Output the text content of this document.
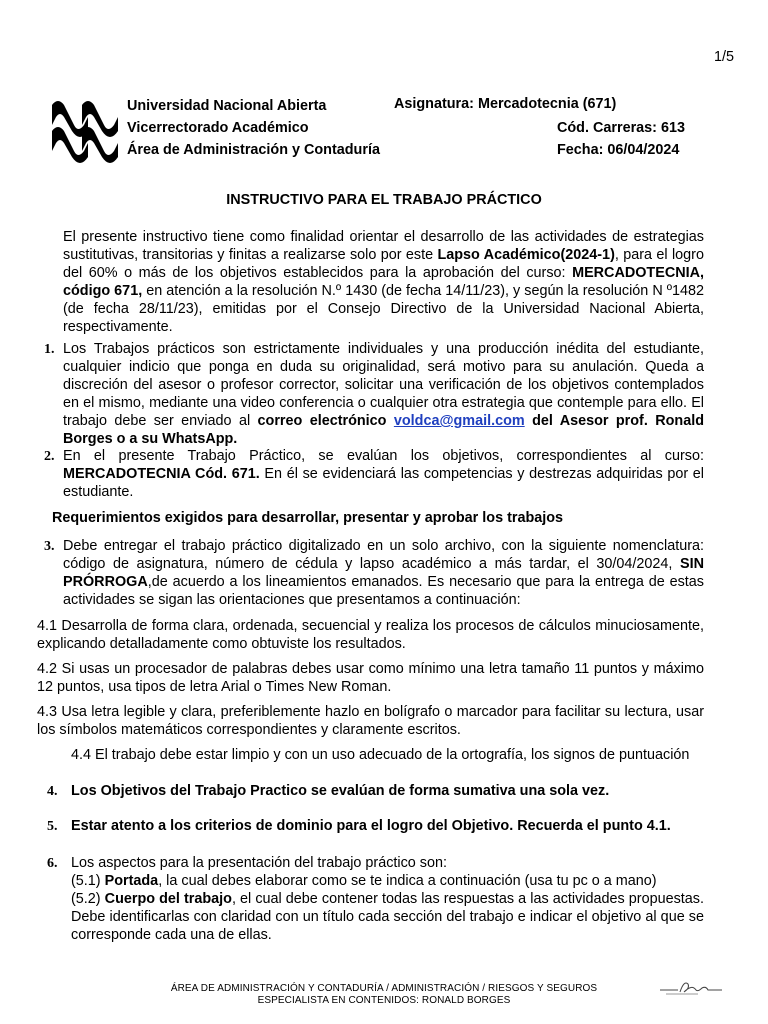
1/5
Universidad Nacional Abierta
Vicerrectorado Académico
Área de Administración y Contaduría
Asignatura: Mercadotecnia (671)
Cód. Carreras: 613
Fecha: 06/04/2024
INSTRUCTIVO PARA EL TRABAJO PRÁCTICO
El presente instructivo tiene como finalidad orientar el desarrollo de las actividades de estrategias sustitutivas, transitorias y finitas a realizarse solo por este Lapso Académico(2024-1), para el logro del 60% o más de los objetivos establecidos para la aprobación del curso: MERCADOTECNIA, código 671, en atención a la resolución N.º 1430 (de fecha 14/11/23), y según la resolución N º1482 (de fecha 28/11/23), emitidas por el Consejo Directivo de la Universidad Nacional Abierta, respectivamente.
1. Los Trabajos prácticos son estrictamente individuales y una producción inédita del estudiante, cualquier indicio que ponga en duda su originalidad, será motivo para su anulación. Queda a discreción del asesor o profesor corrector, solicitar una verificación de los objetivos contemplados en el mismo, mediante una video conferencia o cualquier otra estrategia que contemple para ello. El trabajo debe ser enviado al correo electrónico voldca@gmail.com del Asesor prof. Ronald Borges o a su WhatsApp.
2. En el presente Trabajo Práctico, se evalúan los objetivos, correspondientes al curso: MERCADOTECNIA Cód. 671. En él se evidenciará las competencias y destrezas adquiridas por el estudiante.
Requerimientos exigidos para desarrollar, presentar y aprobar los trabajos
3. Debe entregar el trabajo práctico digitalizado en un solo archivo, con la siguiente nomenclatura: código de asignatura, número de cédula y lapso académico a más tardar, el 30/04/2024, SIN PRÓRROGA,de acuerdo a los lineamientos emanados. Es necesario que para la entrega de estas actividades se sigan las orientaciones que presentamos a continuación:
4.1 Desarrolla de forma clara, ordenada, secuencial y realiza los procesos de cálculos minuciosamente, explicando detalladamente como obtuviste los resultados.
4.2 Si usas un procesador de palabras debes usar como mínimo una letra tamaño 11 puntos y máximo 12 puntos, usa tipos de letra Arial o Times New Roman.
4.3 Usa letra legible y clara, preferiblemente hazlo en bolígrafo o marcador para facilitar su lectura, usar los símbolos matemáticos correspondientes y claramente escritos.
4.4 El trabajo debe estar limpio y con un uso adecuado de la ortografía, los signos de puntuación
4. Los Objetivos del Trabajo Practico se evalúan de forma sumativa una sola vez.
5. Estar atento a los criterios de dominio para el logro del Objetivo. Recuerda el punto 4.1.
6. Los aspectos para la presentación del trabajo práctico son:
(5.1) Portada, la cual debes elaborar como se te indica a continuación (usa tu pc o a mano)
(5.2) Cuerpo del trabajo, el cual debe contener todas las respuestas a las actividades propuestas. Debe identificarlas con claridad con un título cada sección del trabajo e indicar el objetivo al que se corresponde cada una de ellas.
ÁREA DE ADMINISTRACIÓN Y CONTADURÍA / ADMINISTRACIÓN / RIESGOS Y SEGUROS
ESPECIALISTA EN CONTENIDOS: RONALD BORGES
